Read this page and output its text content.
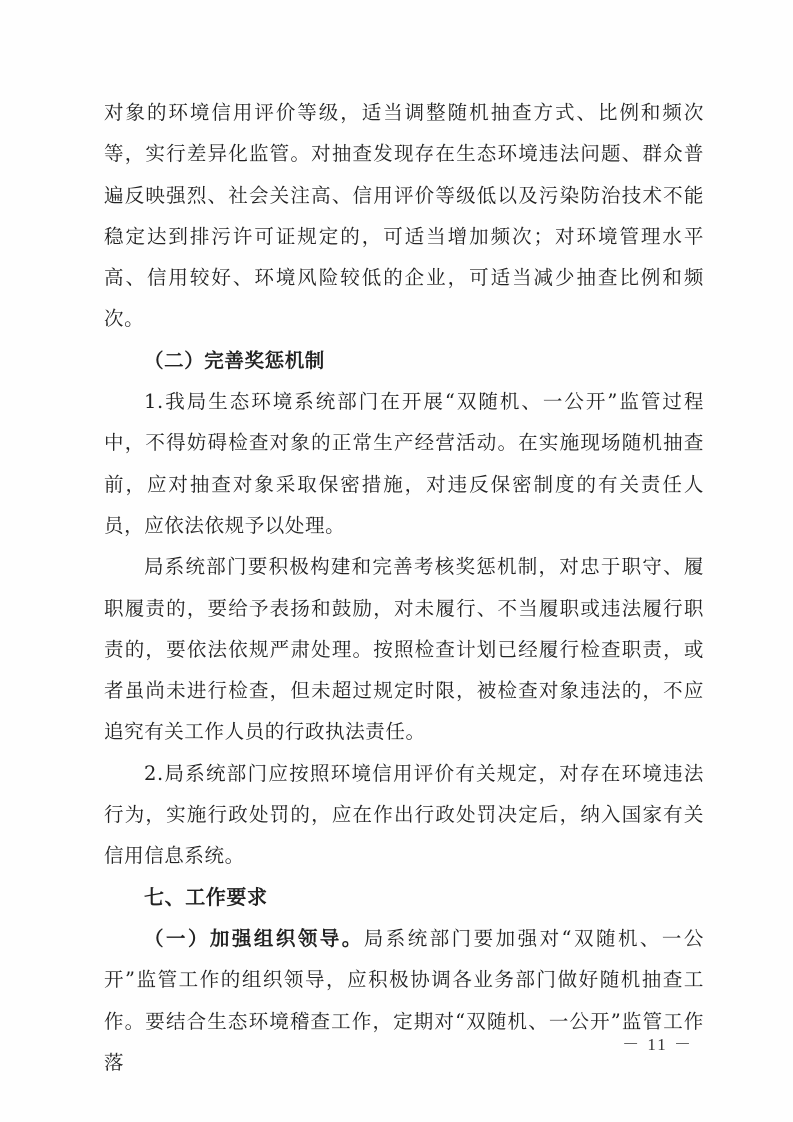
对象的环境信用评价等级，适当调整随机抽查方式、比例和频次等，实行差异化监管。对抽查发现存在生态环境违法问题、群众普遍反映强烈、社会关注高、信用评价等级低以及污染防治技术不能稳定达到排污许可证规定的，可适当增加频次；对环境管理水平高、信用较好、环境风险较低的企业，可适当减少抽查比例和频次。

（二）完善奖惩机制

1.我局生态环境系统部门在开展“双随机、一公开”监管过程中，不得妨碍检查对象的正常生产经营活动。在实施现场随机抽查前，应对抽查对象采取保密措施，对违反保密制度的有关责任人员，应依法依规予以处理。

局系统部门要积极构建和完善考核奖惩机制，对忠于职守、履职履责的，要给予表扬和鼓励，对未履行、不当履职或违法履行职责的，要依法依规严肃处理。按照检查计划已经履行检查职责，或者虽尚未进行检查，但未超过规定时限，被检查对象违法的，不应追究有关工作人员的行政执法责任。

2.局系统部门应按照环境信用评价有关规定，对存在环境违法行为，实施行政处罚的，应在作出行政处罚决定后，纳入国家有关信用信息系统。

七、工作要求

（一）加强组织领导。局系统部门要加强对“双随机、一公开”监管工作的组织领导，应积极协调各业务部门做好随机抽查工作。要结合生态环境稽查工作，定期对“双随机、一公开”监管工作落

－ 11 －
